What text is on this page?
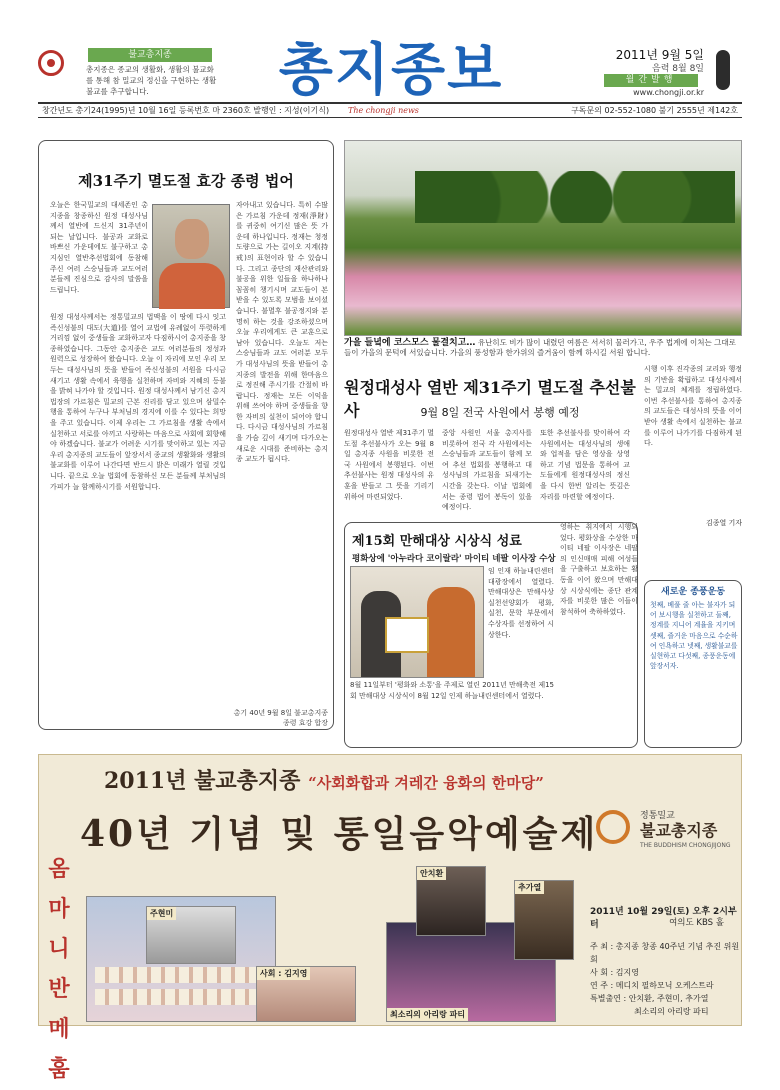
불교총지종
총지종은 종교의 생활화, 생활의 불교화를 통해 참 밀교의 정신을 구현하는 생활불교를 추구합니다.	총지종보	2011년 9월 5일
음력 8월 8일
월간발행
www.chongji.or.kr
창간년도 총기24(1995)년 10월 16일 등록번호 마 2360호 발행인 : 지성(이기식) The chongji news	구독문의 02-552-1080 불기 2555년 제142호
제31주기 멸도절 효강 종령 법어
오늘은 한국밀교의 대세존인 총지종을 창종하신 원정 대성사님께서 열반에 드신지 31주년이 되는 날입니다. 불공과 교화로 바쁘신 가운데에도 불구하고 총지심인 열반추선법회에 동참해 주신 여러 스승님들과 교도여러분들께 진심으로 감사의 말씀을 드립니다.
원정 대성사께서는 정통밀교의 법맥을 이 땅에 다시 잇고 즉신성불의 대도(大道)를 열어 교법에 유례없이 뚜렷하게 거리낌 없이 중생들을 교화하고자 다짐하시어 총지종을 창종하였습니다. 그동안 총지종은 교도 여러분들의 정성과 원력으로 성장하여 왔습니다. 오늘 이 자리에 모인 우리 모두는 대성사님의 뜻을 받들어 즉신성불의 서원을 다시금 새기고 생활 속에서 육행을 실천하며 자비와 지혜의 등불을 밝혀 나가야 할 것입니다. 원정 대성사께서 남기신 총지법장의 가르침은 밀교의 근본 진리를 담고 있으며 삼밀수행을 통하여 누구나 부처님의 경지에 이를 수 있다는 희망을 주고 있습니다. 이제 우리는 그 가르침을 생활 속에서 실천하고 서로를 아끼고 사랑하는 마음으로 사회에 회향해야 하겠습니다. 불교가 어려운 시기를 맞이하고 있는 지금 우리 총지종의 교도들이 앞장서서 종교의 생활화와 생활의 불교화를 이루어 나간다면 반드시 밝은 미래가 열릴 것입니다. 끝으로 오늘 법회에 동참하신 모든 분들께 부처님의 가피가 늘 함께하시기를 서원합니다.
자아내고 있습니다. 특히 수많은 가르침 가운데 정재(淨財)를 귀중히 여기신 많은 뜻 가운데 하나입니다. 정재는 청정도량으로 가는 길이오 지계(持戒)의 표현이라 할 수 있습니다. 그리고 종단의 재산관리와 불공을 위한 일들을 하나하나 꼼꼼히 챙기시며 교도들이 본받을 수 있도록 모범을 보이셨습니다. 불멸후 불공정지와 분명히 하는 것을 강조하셨으며 오늘 우리에게도 큰 교훈으로 남아 있습니다. 오늘도 저는 스승님들과 교도 여러분 모두가 대성사님의 뜻을 받들어 총지종의 발전을 위해 한마음으로 정진해 주시기를 간절히 바랍니다. 정재는 모든 이익을 위해 쓰여야 하며 중생들을 향한 자비의 실천이 되어야 합니다. 다시금 대성사님의 가르침을 가슴 깊이 새기며 다가오는 새로운 시대를 준비하는 총지종 교도가 됩시다.
총기 40년 9월 8일 불교총지종 종령 효강 합장
가을 들녘에 코스모스 물결치고… 유난히도 비가 많이 내렸던 여름은 서서히 물러가고, 우주 법계에 이처는 그대로 들이 가을의 문턱에 서있습니다. 가을의 풍성함과 한가위의 즐거움이 함께 하시길 서원 합니다.
원정대성사 열반 제31주기 멸도절 추선불사	9월 8일 전국 사원에서 봉행 예정
원정대성사 열반 제31주기 멸도절 추선불사가 오는 9월 8일 총지종 사원을 비롯한 전국 사원에서 봉행된다. 이번 추선불사는 원정 대성사의 유훈을 받들고 그 뜻을 기리기 위하여 마련되었다.
중앙 사원인 서울 총지사를 비롯하여 전국 각 사원에서는 스승님들과 교도들이 함께 모여 추선 법회를 봉행하고 대성사님의 가르침을 되새기는 시간을 갖는다. 이날 법회에서는 종령 법어 봉독이 있을 예정이다.
또한 추선불사를 맞이하여 각 사원에서는 대성사님의 생애와 업적을 담은 영상을 상영하고 기념 법문을 통하여 교도들에게 원정대성사의 정신을 다시 한번 알리는 뜻깊은 자리를 마련할 예정이다.
시행 이후 진각종의 교리와 행정의 기반을 확립하고 대성사께서는 밀교의 체계를 정립하였다. 이번 추선불사를 통하여 총지종의 교도들은 대성사의 뜻을 이어 받아 생활 속에서 실천하는 불교를 이루어 나가기를 다짐하게 된다.
김종열 기자
제15회 만해대상 시상식 성료
평화상에 '아누라다 코이랄라' 마이티 네팔 이사장 수상
임 인재 하늘내린센터 대광장에서 열렸다. 만해대상은 만해사상실천선양회가 평화, 실천, 문학 부문에서 수상자를 선정하여 시상한다.
영하는 취지에서 시행되었다. 평화상을 수상한 마이티 네팔 이사장은 네팔의 인신매매 피해 여성들을 구출하고 보호하는 활동을 이어 왔으며 만해대상 시상식에는 종단 관계자를 비롯한 많은 이들이 참석하여 축하하였다.
8월 11일부터 '평화와 소통'을 주제로 열린 2011년 만해축전 제15회 만해대상 시상식이 8월 12일 인제 하늘내린센터에서 열렸다.
새로운 종풍운동
첫째, 베풀 줄 아는 불자가 되어 보시행을 실천하고 둘째, 정계를 지니어 계율을 지키며 셋째, 즐거운 마음으로 수순하여 인욕하고 넷째, 생활불교를 실현하고 다섯째, 종풍운동에 앞장서자.
2011년 불교총지종 “사회화합과 겨레간 융화의 한마당”
40년 기념 및 통일음악예술제	정통밀교
불교총지종
THE BUDDHISM CHONGJIJONG
옴 마 니 반 메 훔
주현미
사회 : 김지영
최소리의 아리랑 파티
안치환
추가열
2011년 10월 29일(토) 오후 2시부터	여의도 KBS 홀
주 최 : 총지종 창종 40주년 기념 추진 위원회
사 회 : 김지영
연 주 : 메디치 필하모닉 오케스트라
특별출연 : 안치환, 주현미, 추가열
최소리의 아리랑 파티
